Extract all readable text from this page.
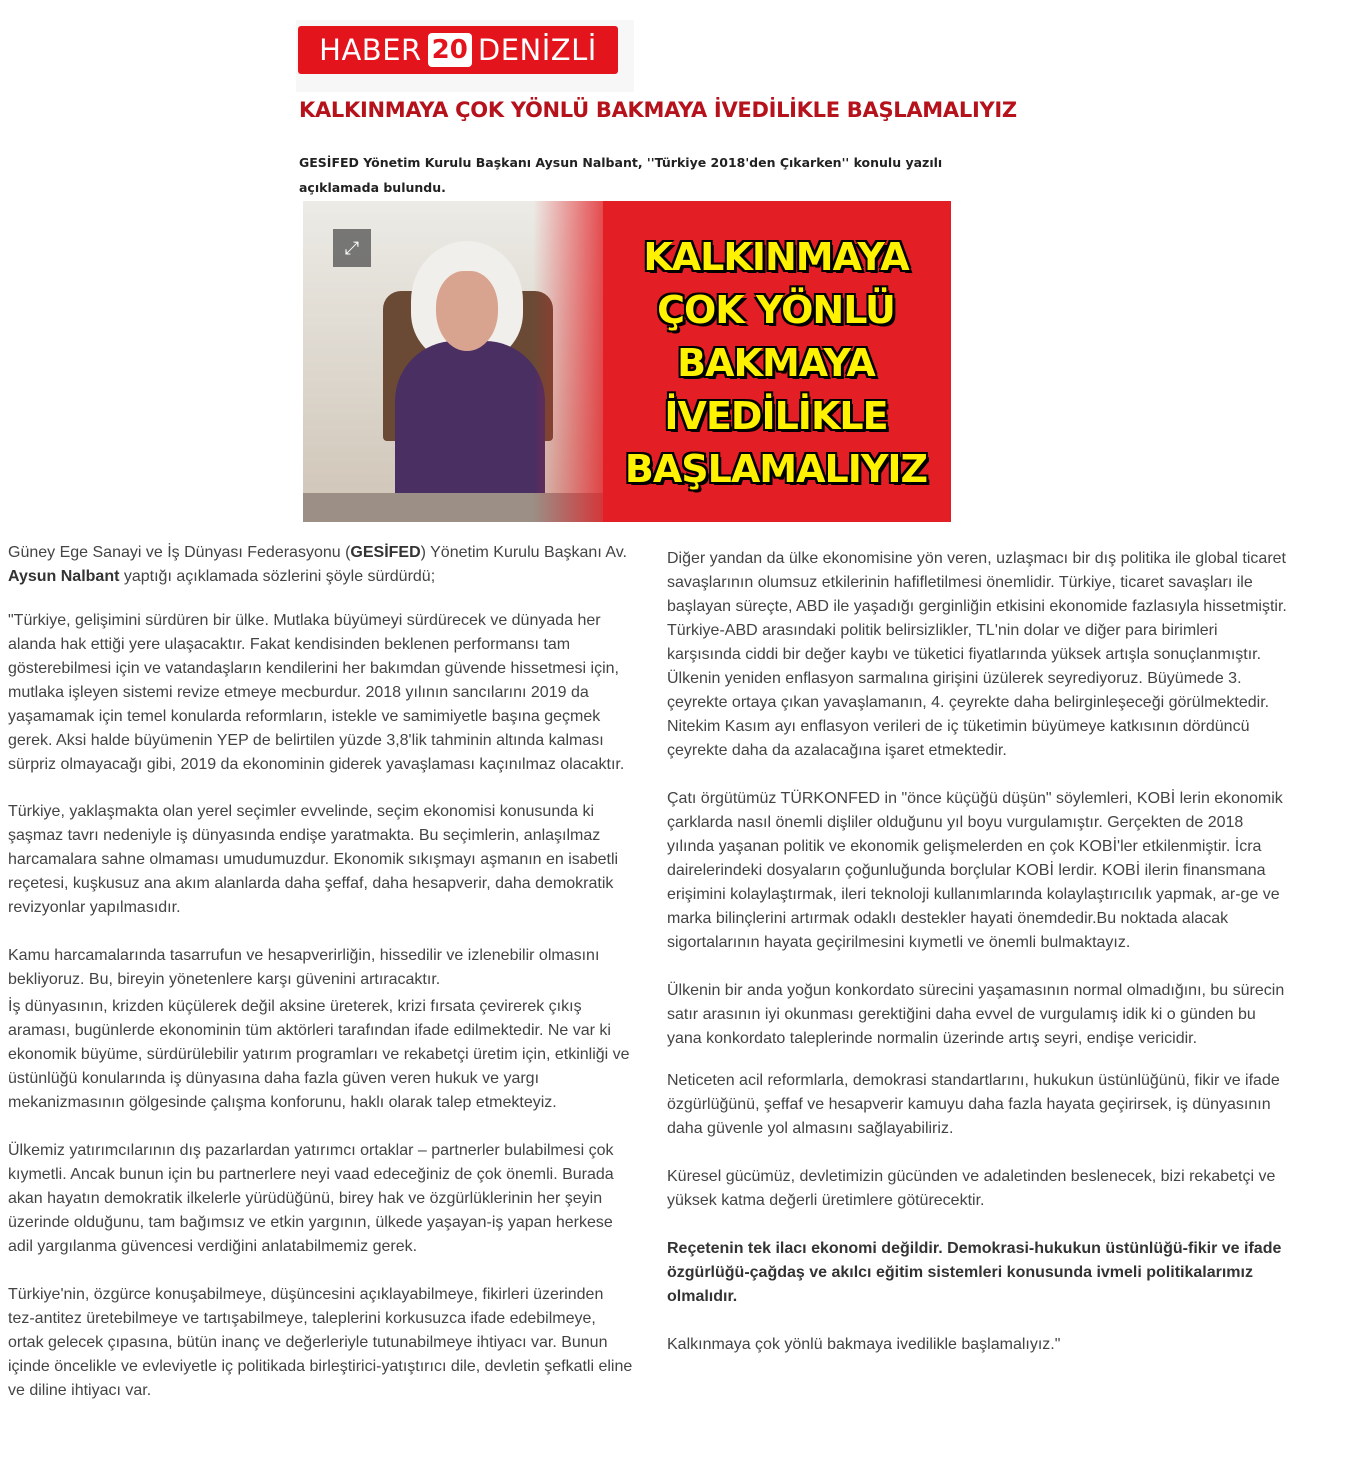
HABER 20 DENİZLİ
KALKINMAYA ÇOK YÖNLÜ BAKMAYA İVEDİLİKLE BAŞLAMALIYIZ

GESİFED Yönetim Kurulu Başkanı Aysun Nalbant, ''Türkiye 2018'den Çıkarken'' konulu yazılı açıklamada bulundu.

⤢	KALKINMAYA
ÇOK YÖNLÜ
BAKMAYA
İVEDİLİKLE
BAŞLAMALIYIZ

Güney Ege Sanayi ve İş Dünyası Federasyonu (GESİFED) Yönetim Kurulu Başkanı Av. Aysun Nalbant yaptığı açıklamada sözlerini şöyle sürdürdü;

"Türkiye, gelişimini sürdüren bir ülke. Mutlaka büyümeyi sürdürecek ve dünyada her alanda hak ettiği yere ulaşacaktır. Fakat kendisinden beklenen performansı tam gösterebilmesi için ve vatandaşların kendilerini her bakımdan güvende hissetmesi için, mutlaka işleyen sistemi revize etmeye mecburdur. 2018 yılının sancılarını 2019 da yaşamamak için temel konularda reformların, istekle ve samimiyetle başına geçmek gerek. Aksi halde büyümenin YEP de belirtilen yüzde 3,8'lik tahminin altında kalması sürpriz olmayacağı gibi, 2019 da ekonominin giderek yavaşlaması kaçınılmaz olacaktır.

Türkiye, yaklaşmakta olan yerel seçimler evvelinde, seçim ekonomisi konusunda ki şaşmaz tavrı nedeniyle iş dünyasında endişe yaratmakta. Bu seçimlerin, anlaşılmaz harcamalara sahne olmaması umudumuzdur. Ekonomik sıkışmayı aşmanın en isabetli reçetesi, kuşkusuz ana akım alanlarda daha şeffaf, daha hesapverir, daha demokratik revizyonlar yapılmasıdır.

Kamu harcamalarında tasarrufun ve hesapverirliğin, hissedilir ve izlenebilir olmasını bekliyoruz. Bu, bireyin yönetenlere karşı güvenini artıracaktır.

İş dünyasının, krizden küçülerek değil aksine üreterek, krizi fırsata çevirerek çıkış araması, bugünlerde ekonominin tüm aktörleri tarafından ifade edilmektedir. Ne var ki ekonomik büyüme, sürdürülebilir yatırım programları ve rekabetçi üretim için, etkinliği ve üstünlüğü konularında iş dünyasına daha fazla güven veren hukuk ve yargı mekanizmasının gölgesinde çalışma konforunu, haklı olarak talep etmekteyiz.

Ülkemiz yatırımcılarının dış pazarlardan yatırımcı ortaklar – partnerler bulabilmesi çok kıymetli. Ancak bunun için bu partnerlere neyi vaad edeceğiniz de çok önemli. Burada akan hayatın demokratik ilkelerle yürüdüğünü, birey hak ve özgürlüklerinin her şeyin üzerinde olduğunu, tam bağımsız ve etkin yargının, ülkede yaşayan-iş yapan herkese adil yargılanma güvencesi verdiğini anlatabilmemiz gerek.

Türkiye'nin, özgürce konuşabilmeye, düşüncesini açıklayabilmeye, fikirleri üzerinden tez-antitez üretebilmeye ve tartışabilmeye, taleplerini korkusuzca ifade edebilmeye, ortak gelecek çıpasına, bütün inanç ve değerleriyle tutunabilmeye ihtiyacı var. Bunun içinde öncelikle ve evleviyetle iç politikada birleştirici-yatıştırıcı dile, devletin şefkatli eline ve diline ihtiyacı var.

Diğer yandan da ülke ekonomisine yön veren, uzlaşmacı bir dış politika ile global ticaret savaşlarının olumsuz etkilerinin hafifletilmesi önemlidir. Türkiye, ticaret savaşları ile başlayan süreçte, ABD ile yaşadığı gerginliğin etkisini ekonomide fazlasıyla hissetmiştir. Türkiye-ABD arasındaki politik belirsizlikler, TL'nin dolar ve diğer para birimleri karşısında ciddi bir değer kaybı ve tüketici fiyatlarında yüksek artışla sonuçlanmıştır. Ülkenin yeniden enflasyon sarmalına girişini üzülerek seyrediyoruz. Büyümede 3. çeyrekte ortaya çıkan yavaşlamanın, 4. çeyrekte daha belirginleşeceği görülmektedir. Nitekim Kasım ayı enflasyon verileri de iç tüketimin büyümeye katkısının dördüncü çeyrekte daha da azalacağına işaret etmektedir.

Çatı örgütümüz TÜRKONFED in "önce küçüğü düşün" söylemleri, KOBİ lerin ekonomik çarklarda nasıl önemli dişliler olduğunu yıl boyu vurgulamıştır. Gerçekten de 2018 yılında yaşanan politik ve ekonomik gelişmelerden en çok KOBİ'ler etkilenmiştir. İcra dairelerindeki dosyaların çoğunluğunda borçlular KOBİ lerdir. KOBİ ilerin finansmana erişimini kolaylaştırmak, ileri teknoloji kullanımlarında kolaylaştırıcılık yapmak, ar-ge ve marka bilinçlerini artırmak odaklı destekler hayati önemdedir.Bu noktada alacak sigortalarının hayata geçirilmesini kıymetli ve önemli bulmaktayız.

Ülkenin bir anda yoğun konkordato sürecini yaşamasının normal olmadığını, bu sürecin satır arasının iyi okunması gerektiğini daha evvel de vurgulamış idik ki o günden bu yana konkordato taleplerinde normalin üzerinde artış seyri, endişe vericidir.

Neticeten acil reformlarla, demokrasi standartlarını, hukukun üstünlüğünü, fikir ve ifade özgürlüğünü, şeffaf ve hesapverir kamuyu daha fazla hayata geçirirsek, iş dünyasının daha güvenle yol almasını sağlayabiliriz.

Küresel gücümüz, devletimizin gücünden ve adaletinden beslenecek, bizi rekabetçi ve yüksek katma değerli üretimlere götürecektir.

Reçetenin tek ilacı ekonomi değildir. Demokrasi-hukukun üstünlüğü-fikir ve ifade özgürlüğü-çağdaş ve akılcı eğitim sistemleri konusunda ivmeli politikalarımız olmalıdır.

Kalkınmaya çok yönlü bakmaya ivedilikle başlamalıyız."
